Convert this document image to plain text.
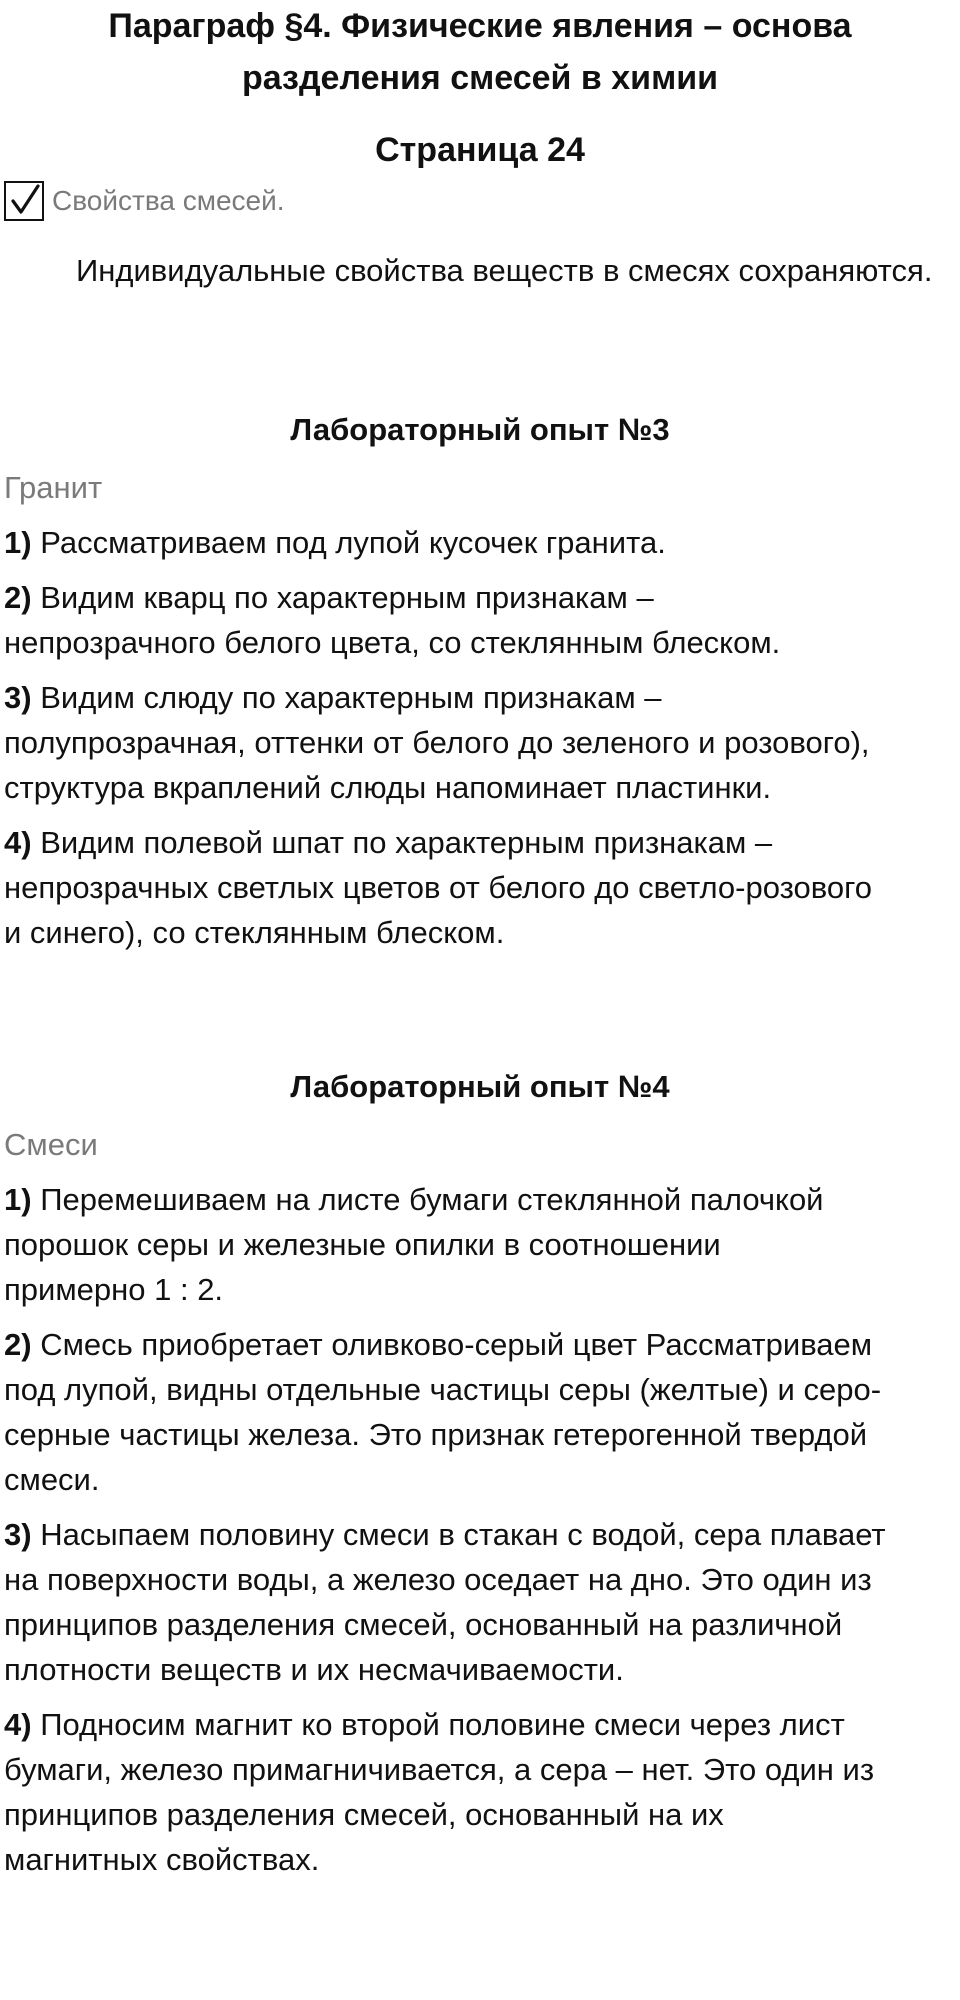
Параграф §4. Физические явления – основа
разделения смесей в химии
Страница 24
Свойства смесей.

Индивидуальные свойства веществ в смесях сохраняются.

Лабораторный опыт №3
Гранит

1) Рассматриваем под лупой кусочек гранита.

2) Видим кварц по характерным признакам –
непрозрачного белого цвета, со стеклянным блеском.

3) Видим слюду по характерным признакам –
полупрозрачная, оттенки от белого до зеленого и розового),
структура вкраплений слюды напоминает пластинки.

4) Видим полевой шпат по характерным признакам –
непрозрачных светлых цветов от белого до светло-розового
и синего), со стеклянным блеском.

Лабораторный опыт №4
Смеси

1) Перемешиваем на листе бумаги стеклянной палочкой
порошок серы и железные опилки в соотношении
примерно 1 : 2.

2) Смесь приобретает оливково-серый цвет Рассматриваем
под лупой, видны отдельные частицы серы (желтые) и серо-
серные частицы железа. Это признак гетерогенной твердой
смеси.

3) Насыпаем половину смеси в стакан с водой, сера плавает
на поверхности воды, а железо оседает на дно. Это один из
принципов разделения смесей, основанный на различной
плотности веществ и их несмачиваемости.

4) Подносим магнит ко второй половине смеси через лист
бумаги, железо примагничивается, а сера – нет. Это один из
принципов разделения смесей, основанный на их
магнитных свойствах.
